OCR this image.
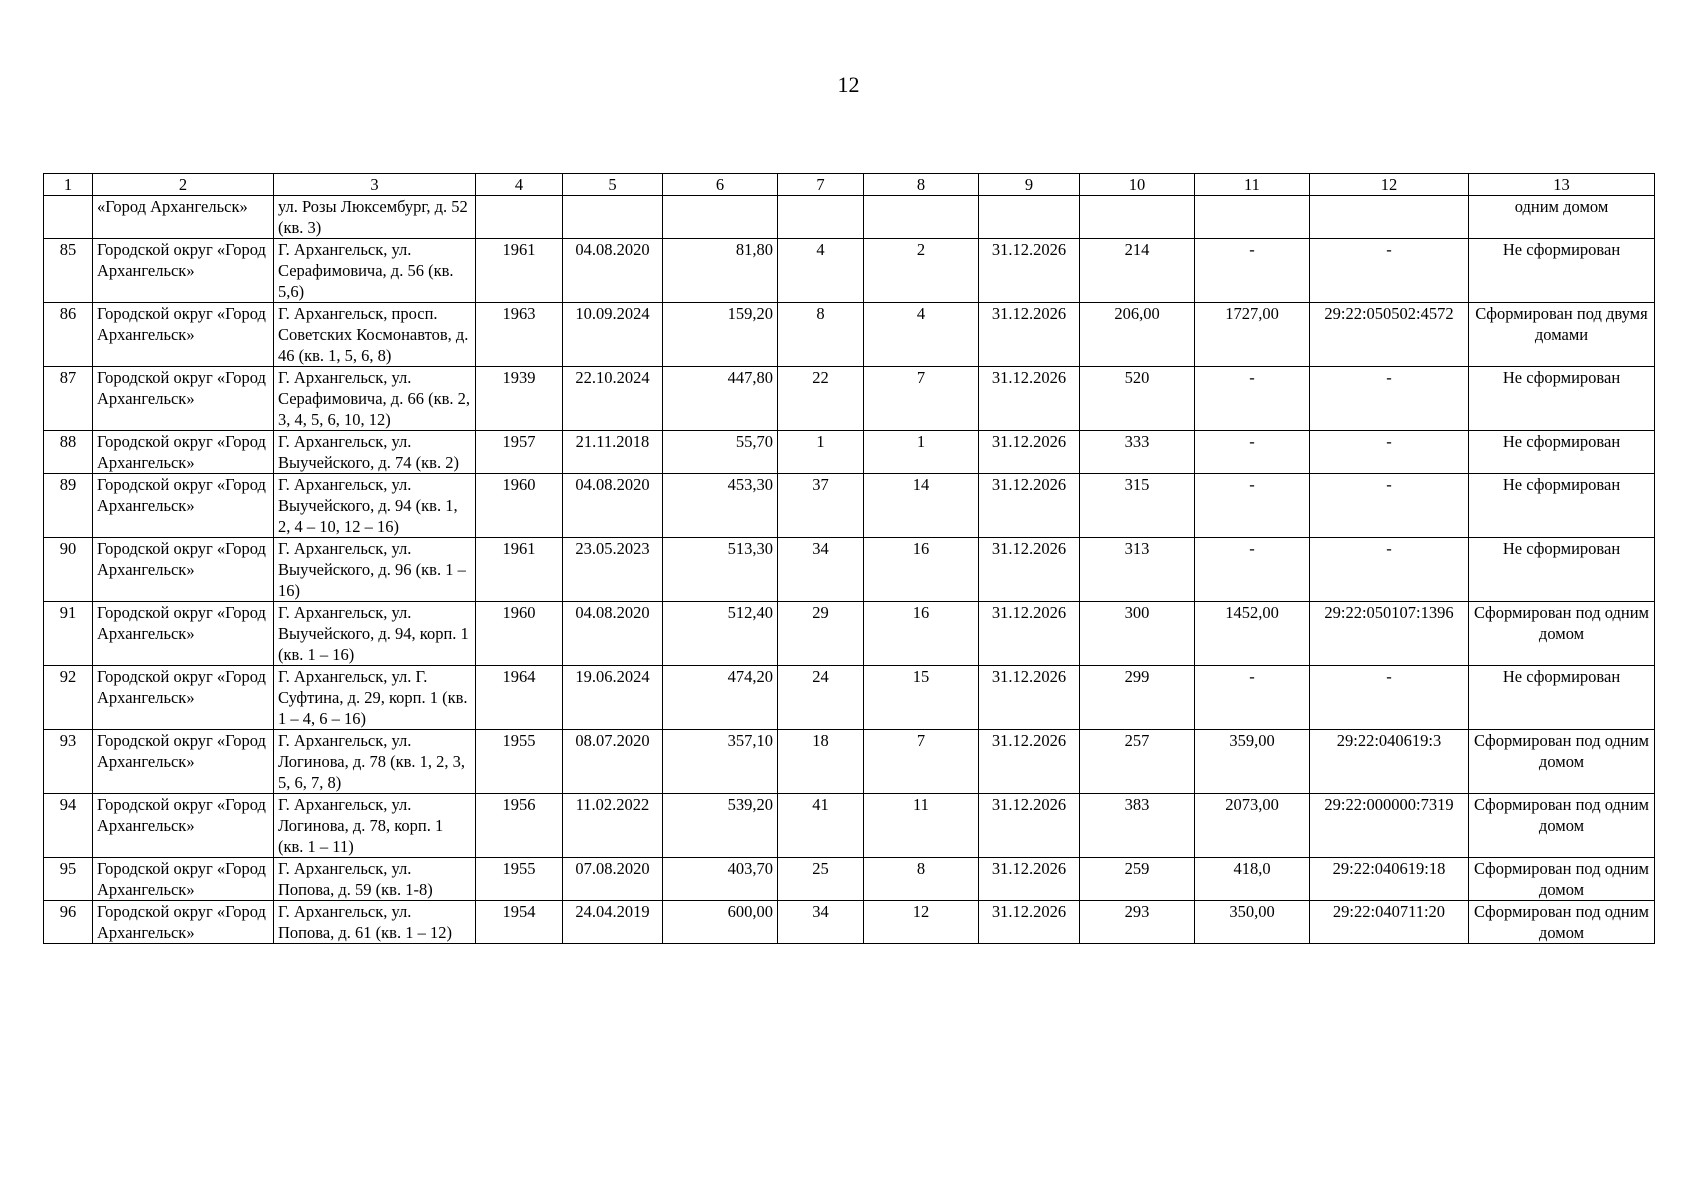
12
1	2	3	4	5	6	7	8	9	10	11	12	13
	«Город Архангельск»	ул. Розы Люксембург, д. 52 (кв. 3)										одним домом
85	Городской округ «Город Архангельск»	Г. Архангельск, ул. Серафимовича, д. 56 (кв. 5,6)	1961	04.08.2020	81,80	4	2	31.12.2026	214	-	-	Не сформирован
86	Городской округ «Город Архангельск»	Г. Архангельск, просп. Советских Космонавтов, д. 46 (кв. 1, 5, 6, 8)	1963	10.09.2024	159,20	8	4	31.12.2026	206,00	1727,00	29:22:050502:4572	Сформирован под двумя домами
87	Городской округ «Город Архангельск»	Г. Архангельск, ул. Серафимовича, д. 66 (кв. 2, 3, 4, 5, 6, 10, 12)	1939	22.10.2024	447,80	22	7	31.12.2026	520	-	-	Не сформирован
88	Городской округ «Город Архангельск»	Г. Архангельск, ул. Выучейского, д. 74 (кв. 2)	1957	21.11.2018	55,70	1	1	31.12.2026	333	-	-	Не сформирован
89	Городской округ «Город Архангельск»	Г. Архангельск, ул. Выучейского, д. 94 (кв. 1, 2, 4 – 10, 12 – 16)	1960	04.08.2020	453,30	37	14	31.12.2026	315	-	-	Не сформирован
90	Городской округ «Город Архангельск»	Г. Архангельск, ул. Выучейского, д. 96 (кв. 1 – 16)	1961	23.05.2023	513,30	34	16	31.12.2026	313	-	-	Не сформирован
91	Городской округ «Город Архангельск»	Г. Архангельск, ул. Выучейского, д. 94, корп. 1 (кв. 1 – 16)	1960	04.08.2020	512,40	29	16	31.12.2026	300	1452,00	29:22:050107:1396	Сформирован под одним домом
92	Городской округ «Город Архангельск»	Г. Архангельск, ул. Г. Суфтина, д. 29, корп. 1 (кв. 1 – 4, 6 – 16)	1964	19.06.2024	474,20	24	15	31.12.2026	299	-	-	Не сформирован
93	Городской округ «Город Архангельск»	Г. Архангельск, ул. Логинова, д. 78 (кв. 1, 2, 3, 5, 6, 7, 8)	1955	08.07.2020	357,10	18	7	31.12.2026	257	359,00	29:22:040619:3	Сформирован под одним домом
94	Городской округ «Город Архангельск»	Г. Архангельск, ул. Логинова, д. 78, корп. 1 (кв. 1 – 11)	1956	11.02.2022	539,20	41	11	31.12.2026	383	2073,00	29:22:000000:7319	Сформирован под одним домом
95	Городской округ «Город Архангельск»	Г. Архангельск, ул. Попова, д. 59 (кв. 1-8)	1955	07.08.2020	403,70	25	8	31.12.2026	259	418,0	29:22:040619:18	Сформирован под одним домом
96	Городской округ «Город Архангельск»	Г. Архангельск, ул. Попова, д. 61 (кв. 1 – 12)	1954	24.04.2019	600,00	34	12	31.12.2026	293	350,00	29:22:040711:20	Сформирован под одним домом
